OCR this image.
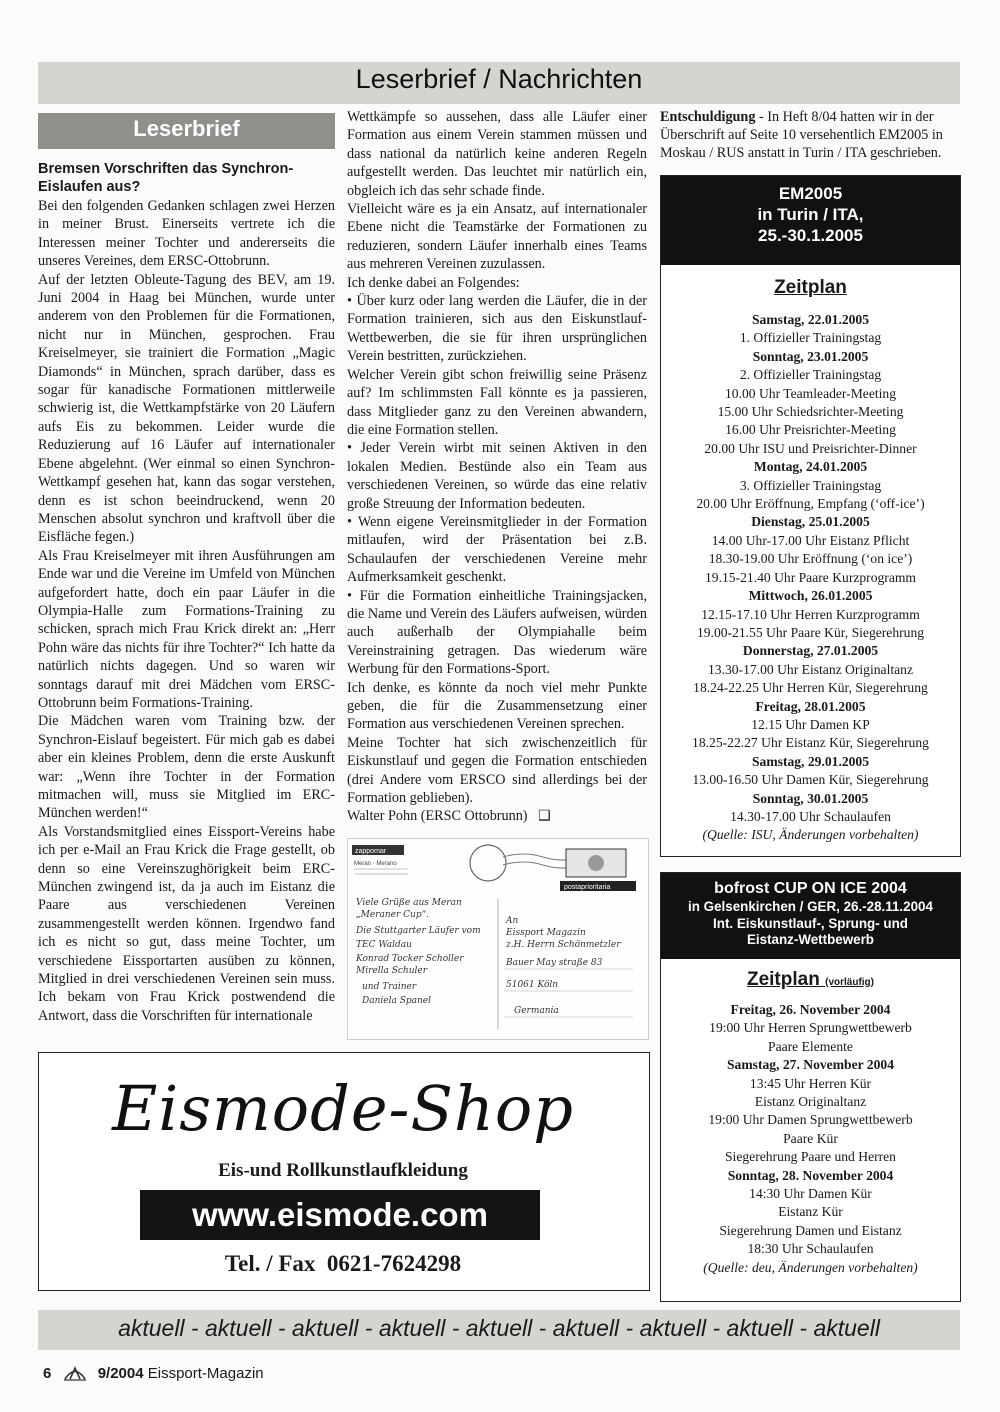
Leserbrief / Nachrichten
Leserbrief
Bremsen Vorschriften das Synchron-Eislaufen aus?

Bei den folgenden Gedanken schlagen zwei Herzen in meiner Brust. Einerseits vertrete ich die Interessen meiner Tochter und andererseits die unseres Vereines, dem ERSC-Ottobrunn.

Auf der letzten Obleute-Tagung des BEV, am 19. Juni 2004 in Haag bei München, wurde unter anderem von den Problemen für die Formationen, nicht nur in München, gesprochen. Frau Kreiselmeyer, sie trainiert die Formation „Magic Diamonds“ in München, sprach darüber, dass es sogar für kanadische Formationen mittlerweile schwierig ist, die Wettkampfstärke von 20 Läufern aufs Eis zu bekommen. Leider wurde die Reduzierung auf 16 Läufer auf internationaler Ebene abgelehnt. (Wer einmal so einen Synchron-Wettkampf gesehen hat, kann das sogar verstehen, denn es ist schon beeindruckend, wenn 20 Menschen absolut synchron und kraftvoll über die Eisfläche fegen.)

Als Frau Kreiselmeyer mit ihren Ausführungen am Ende war und die Vereine im Umfeld von München aufgefordert hatte, doch ein paar Läufer in die Olympia-Halle zum Formations-Training zu schicken, sprach mich Frau Krick direkt an: „Herr Pohn wäre das nichts für ihre Tochter?“ Ich hatte da natürlich nichts dagegen. Und so waren wir sonntags darauf mit drei Mädchen vom ERSC-Ottobrunn beim Formations-Training.

Die Mädchen waren vom Training bzw. der Synchron-Eislauf begeistert. Für mich gab es dabei aber ein kleines Problem, denn die erste Auskunft war: „Wenn ihre Tochter in der Formation mitmachen will, muss sie Mitglied im ERC-München werden!“

Als Vorstandsmitglied eines Eissport-Vereins habe ich per e-Mail an Frau Krick die Frage gestellt, ob denn so eine Vereinszughörigkeit beim ERC-München zwingend ist, da ja auch im Eistanz die Paare aus verschiedenen Vereinen zusammengestellt werden können. Irgendwo fand ich es nicht so gut, dass meine Tochter, um verschiedene Eissportarten ausüben zu können, Mitglied in drei verschiedenen Vereinen sein muss. Ich bekam von Frau Krick postwendend die Antwort, dass die Vorschriften für internationale

Wettkämpfe so aussehen, dass alle Läufer einer Formation aus einem Verein stammen müssen und dass national da natürlich keine anderen Regeln aufgestellt werden. Das leuchtet mir natürlich ein, obgleich ich das sehr schade finde.

Vielleicht wäre es ja ein Ansatz, auf internationaler Ebene nicht die Teamstärke der Formationen zu reduzieren, sondern Läufer innerhalb eines Teams aus mehreren Vereinen zuzulassen.

Ich denke dabei an Folgendes:

• Über kurz oder lang werden die Läufer, die in der Formation trainieren, sich aus den Eiskunstlauf-Wettbewerben, die sie für ihren ursprünglichen Verein bestritten, zurückziehen.

Welcher Verein gibt schon freiwillig seine Präsenz auf? Im schlimmsten Fall könnte es ja passieren, dass Mitglieder ganz zu den Vereinen abwandern, die eine Formation stellen.

• Jeder Verein wirbt mit seinen Aktiven in den lokalen Medien. Bestünde also ein Team aus verschiedenen Vereinen, so würde das eine relativ große Streuung der Information bedeuten.

• Wenn eigene Vereinsmitglieder in der Formation mitlaufen, wird der Präsentation bei z.B. Schaulaufen der verschiedenen Vereine mehr Aufmerksamkeit geschenkt.

• Für die Formation einheitliche Trainingsjacken, die Name und Verein des Läufers aufweisen, würden auch außerhalb der Olympiahalle beim Vereinstraining getragen. Das wiederum wäre Werbung für den Formations-Sport.

Ich denke, es könnte da noch viel mehr Punkte geben, die für die Zusammensetzung einer Formation aus verschiedenen Vereinen sprechen.

Meine Tochter hat sich zwischenzeitlich für Eiskunstlauf und gegen die Formation entschieden (drei Andere vom ERSCO sind allerdings bei der Formation geblieben).

Walter Pohn (ERSC Ottobrunn) ❑

Entschuldigung - In Heft 8/04 hatten wir in der Überschrift auf Seite 10 versehentlich EM2005 in Moskau / RUS anstatt in Turin / ITA geschrieben.
EM2005
in Turin / ITA,
25.-30.1.2005
Zeitplan
Samstag, 22.01.2005
1. Offizieller Trainingstag
Sonntag, 23.01.2005
2. Offizieller Trainingstag
10.00 Uhr Teamleader-Meeting
15.00 Uhr Schiedsrichter-Meeting
16.00 Uhr Preisrichter-Meeting
20.00 Uhr ISU und Preisrichter-Dinner
Montag, 24.01.2005
3. Offizieller Trainingstag
20.00 Uhr Eröffnung, Empfang (‘off-ice’)
Dienstag, 25.01.2005
14.00 Uhr-17.00 Uhr Eistanz Pflicht
18.30-19.00 Uhr Eröffnung (‘on ice’)
19.15-21.40 Uhr Paare Kurzprogramm
Mittwoch, 26.01.2005
12.15-17.10 Uhr Herren Kurzprogramm
19.00-21.55 Uhr Paare Kür, Siegerehrung
Donnerstag, 27.01.2005
13.30-17.00 Uhr Eistanz Originaltanz
18.24-22.25 Uhr Herren Kür, Siegerehrung
Freitag, 28.01.2005
12.15 Uhr Damen KP
18.25-22.27 Uhr Eistanz Kür, Siegerehrung
Samstag, 29.01.2005
13.00-16.50 Uhr Damen Kür, Siegerehrung
Sonntag, 30.01.2005
14.30-17.00 Uhr Schaulaufen
(Quelle: ISU, Änderungen vorbehalten)
bofrost CUP ON ICE 2004
in Gelsenkirchen / GER, 26.-28.11.2004
Int. Eiskunstlauf-, Sprung- und
Eistanz-Wettbewerb
Zeitplan (vorläufig)
Freitag, 26. November 2004
19:00 Uhr Herren Sprungwettbewerb
Paare Elemente
Samstag, 27. November 2004
13:45 Uhr Herren Kür
Eistanz Originaltanz
19:00 Uhr Damen Sprungwettbewerb
Paare Kür
Siegerehrung Paare und Herren
Sonntag, 28. November 2004
14:30 Uhr Damen Kür
Eistanz Kür
Siegerehrung Damen und Eistanz
18:30 Uhr Schaulaufen
(Quelle: deu, Änderungen vorbehalten)
zappomar
Meran · Merano
postaprioritaria
Viele Grüße aus Meran
„Meraner Cup“.
Die Stuttgarter Läufer vom
TEC Waldau
Konrad Tocker Scholler
Mirella Schuler
und Trainer
Daniela Spanel
An
Eissport Magazin
z.H. Herrn Schönmetzler
Bauer May straße 83
51061 Köln
Germania
Eismode-Shop
Eis-und Rollkunstlaufkleidung
www.eismode.com
Tel. / Fax 0621-7624298
aktuell - aktuell - aktuell - aktuell - aktuell - aktuell - aktuell - aktuell - aktuell
6	9/2004 Eissport-Magazin
